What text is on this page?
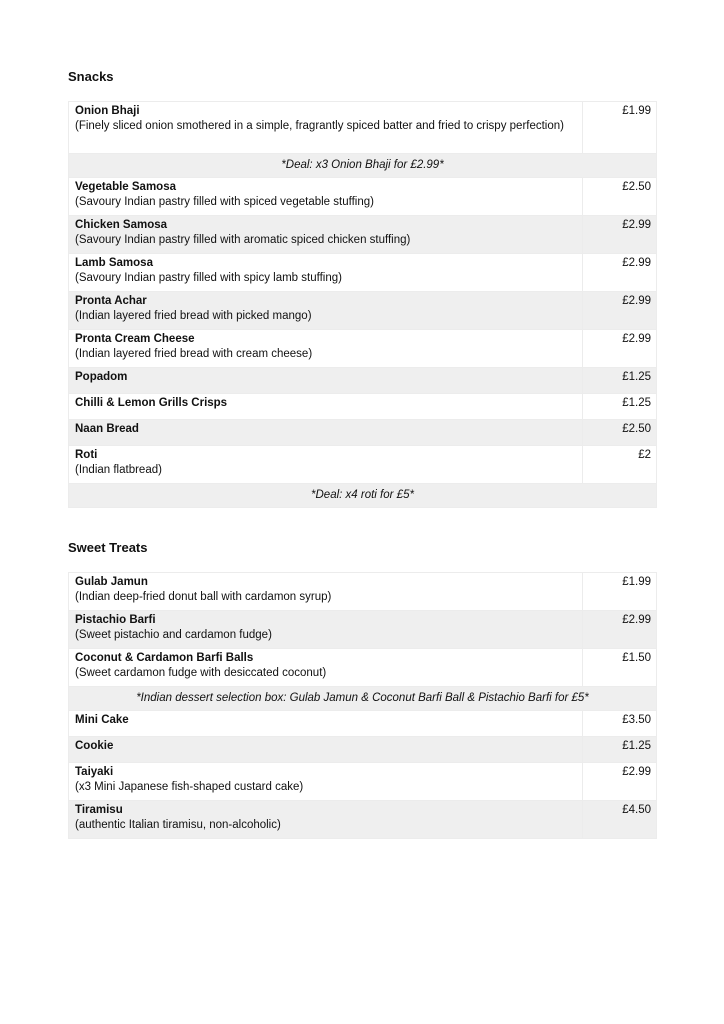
Snacks
Onion Bhaji
(Finely sliced onion smothered in a simple, fragrantly spiced batter and fried to crispy perfection)	£1.99
*Deal: x3 Onion Bhaji for £2.99*	

Vegetable Samosa
(Savoury Indian pastry filled with spiced vegetable stuffing)	£2.50

Chicken Samosa
(Savoury Indian pastry filled with aromatic spiced chicken stuffing)	£2.99

Lamb Samosa
(Savoury Indian pastry filled with spicy lamb stuffing)	£2.99

Pronta Achar
(Indian layered fried bread with picked mango)	£2.99

Pronta Cream Cheese
(Indian layered fried bread with cream cheese)	£2.99

Popadom	£1.25

Chilli & Lemon Grills Crisps	£1.25

Naan Bread	£2.50

Roti
(Indian flatbread)	£2
*Deal: x4 roti for £5*	
Sweet Treats
Gulab Jamun
(Indian deep-fried donut ball with cardamon syrup)	£1.99

Pistachio Barfi
(Sweet pistachio and cardamon fudge)	£2.99

Coconut & Cardamon Barfi Balls
(Sweet cardamon fudge with desiccated coconut)	£1.50
*Indian dessert selection box: Gulab Jamun & Coconut Barfi Ball & Pistachio Barfi for £5*	

Mini Cake	£3.50

Cookie	£1.25

Taiyaki
(x3 Mini Japanese fish-shaped custard cake)	£2.99

Tiramisu
(authentic Italian tiramisu, non-alcoholic)	£4.50
